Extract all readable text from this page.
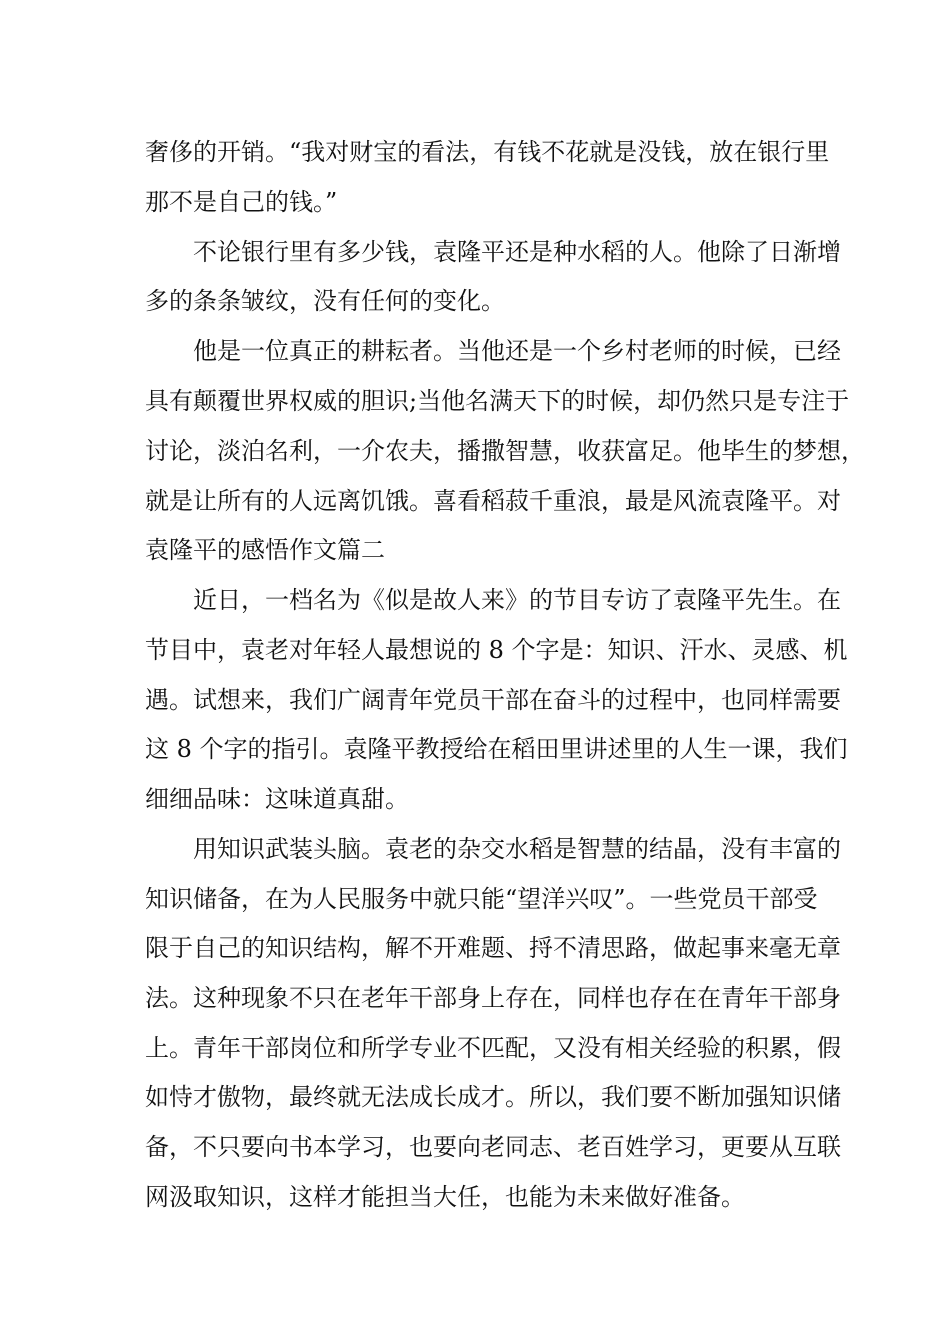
奢侈的开销。“我对财宝的看法，有钱不花就是没钱，放在银行里
那不是自己的钱。”
不论银行里有多少钱，袁隆平还是种水稻的人。他除了日渐增
多的条条皱纹，没有任何的变化。
他是一位真正的耕耘者。当他还是一个乡村老师的时候，已经
具有颠覆世界权威的胆识;当他名满天下的时候，却仍然只是专注于
讨论，淡泊名利，一介农夫，播撒智慧，收获富足。他毕生的梦想，
就是让所有的人远离饥饿。喜看稻菽千重浪，最是风流袁隆平。对
袁隆平的感悟作文篇二
近日，一档名为《似是故人来》的节目专访了袁隆平先生。在
节目中，袁老对年轻人最想说的 8 个字是：知识、汗水、灵感、机
遇。试想来，我们广阔青年党员干部在奋斗的过程中，也同样需要
这 8 个字的指引。袁隆平教授给在稻田里讲述里的人生一课，我们
细细品味：这味道真甜。
用知识武装头脑。袁老的杂交水稻是智慧的结晶，没有丰富的
知识储备，在为人民服务中就只能“望洋兴叹”。一些党员干部受
限于自己的知识结构，解不开难题、捋不清思路，做起事来毫无章
法。这种现象不只在老年干部身上存在，同样也存在在青年干部身
上。青年干部岗位和所学专业不匹配，又没有相关经验的积累，假
如恃才傲物，最终就无法成长成才。所以，我们要不断加强知识储
备，不只要向书本学习，也要向老同志、老百姓学习，更要从互联
网汲取知识，这样才能担当大任，也能为未来做好准备。
